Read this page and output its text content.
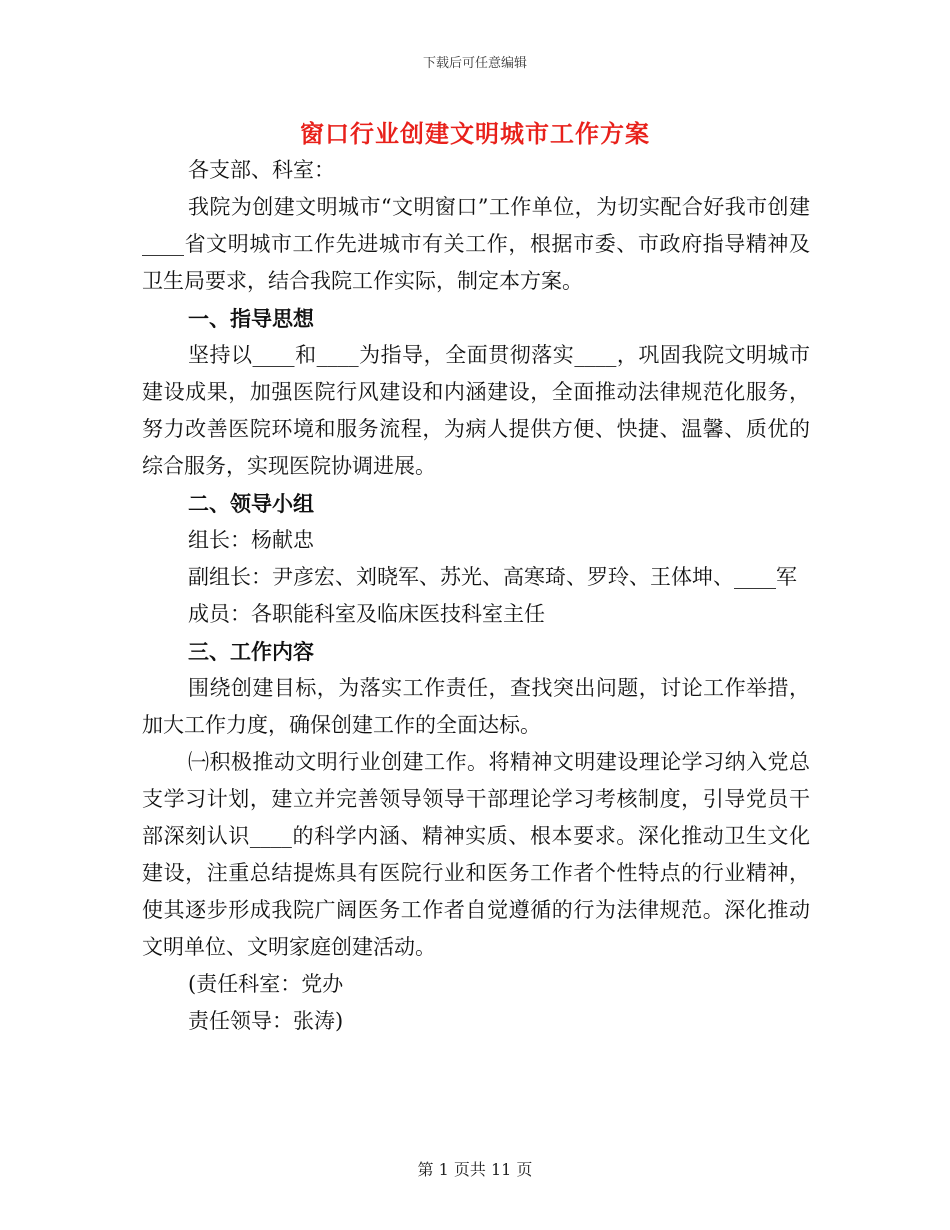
下载后可任意编辑
窗口行业创建文明城市工作方案

各支部、科室：

我院为创建文明城市“文明窗口”工作单位，为切实配合好我市创建____省文明城市工作先进城市有关工作，根据市委、市政府指导精神及卫生局要求，结合我院工作实际，制定本方案。

一、指导思想

坚持以____和____为指导，全面贯彻落实____，巩固我院文明城市建设成果，加强医院行风建设和内涵建设，全面推动法律规范化服务，努力改善医院环境和服务流程，为病人提供方便、快捷、温馨、质优的综合服务，实现医院协调进展。

二、领导小组

组长：杨献忠

副组长：尹彦宏、刘晓军、苏光、高寒琦、罗玲、王体坤、____军

成员：各职能科室及临床医技科室主任

三、工作内容

围绕创建目标，为落实工作责任，查找突出问题，讨论工作举措，加大工作力度，确保创建工作的全面达标。

㈠积极推动文明行业创建工作。将精神文明建设理论学习纳入党总支学习计划，建立并完善领导领导干部理论学习考核制度，引导党员干部深刻认识____的科学内涵、精神实质、根本要求。深化推动卫生文化建设，注重总结提炼具有医院行业和医务工作者个性特点的行业精神，使其逐步形成我院广阔医务工作者自觉遵循的行为法律规范。深化推动文明单位、文明家庭创建活动。

(责任科室：党办

责任领导：张涛)

第 1 页共 11 页
